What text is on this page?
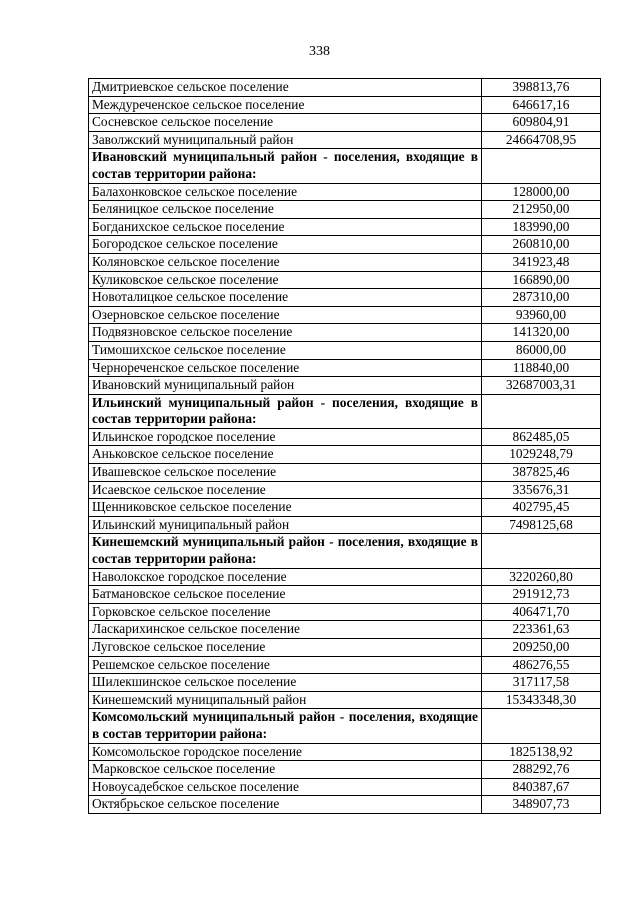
338
Дмитриевское сельское поселение	398813,76
Междуреченское сельское поселение	646617,16
Сосневское сельское поселение	609804,91
Заволжский муниципальный район	24664708,95
Ивановский муниципальный район - поселения, входящие в состав территории района:	
Балахонковское сельское поселение	128000,00
Беляницкое сельское поселение	212950,00
Богданихское сельское поселение	183990,00
Богородское сельское поселение	260810,00
Коляновское сельское поселение	341923,48
Куликовское сельское поселение	166890,00
Новоталицкое сельское поселение	287310,00
Озерновское сельское поселение	93960,00
Подвязновское сельское поселение	141320,00
Тимошихское сельское поселение	86000,00
Чернореченское сельское поселение	118840,00
Ивановский муниципальный район	32687003,31
Ильинский муниципальный район - поселения, входящие в состав территории района:	
Ильинское городское поселение	862485,05
Аньковское сельское поселение	1029248,79
Ивашевское сельское поселение	387825,46
Исаевское сельское поселение	335676,31
Щенниковское сельское поселение	402795,45
Ильинский муниципальный район	7498125,68
Кинешемский муниципальный район - поселения, входящие в состав территории района:	
Наволокское городское поселение	3220260,80
Батмановское сельское поселение	291912,73
Горковское сельское поселение	406471,70
Ласкарихинское сельское поселение	223361,63
Луговское сельское поселение	209250,00
Решемское сельское поселение	486276,55
Шилекшинское сельское поселение	317117,58
Кинешемский муниципальный район	15343348,30
Комсомольский муниципальный район - поселения, входящие в состав территории района:	
Комсомольское городское поселение	1825138,92
Марковское сельское поселение	288292,76
Новоусадебское сельское поселение	840387,67
Октябрьское сельское поселение	348907,73
